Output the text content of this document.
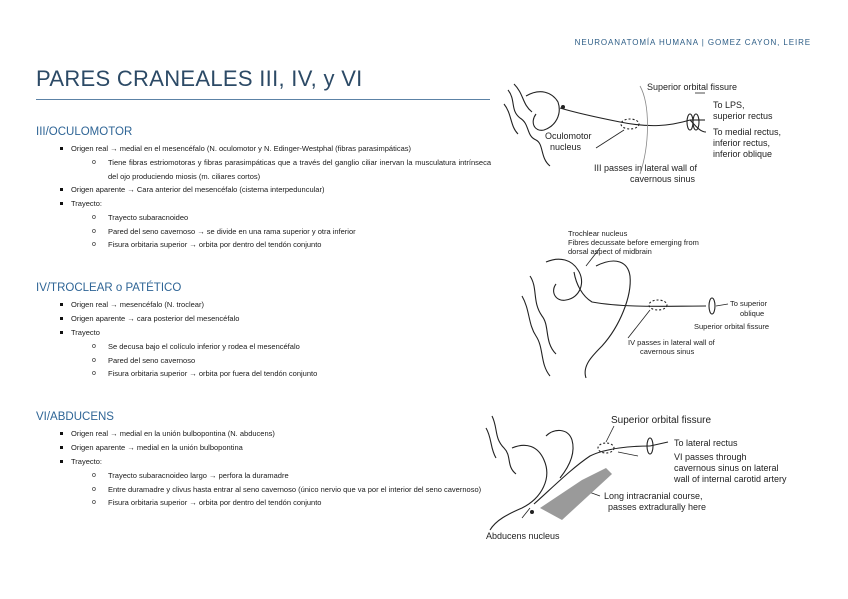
NEUROANATOMÍA HUMANA | GOMEZ CAYON, LEIRE
PARES CRANEALES III, IV, y VI
III/OCULOMOTOR
Origen real → medial en el mesencéfalo (N. oculomotor y N. Edinger-Westphal (fibras parasimpáticas)
o Tiene fibras estriomotoras y fibras parasimpáticas que a través del ganglio ciliar inervan la musculatura intrínseca del ojo produciendo miosis (m. ciliares cortos)
Origen aparente → Cara anterior del mesencéfalo (cisterna interpeduncular)
Trayecto:
o Trayecto subaracnoideo
o Pared del seno cavernoso → se divide en una rama superior y otra inferior
o Fisura orbitaria superior → orbita por dentro del tendón conjunto
IV/TROCLEAR o PATÉTICO
Origen real → mesencéfalo (N. troclear)
Origen aparente → cara posterior del mesencéfalo
Trayecto
o Se decusa bajo el colículo inferior y rodea el mesencéfalo
o Pared del seno cavernoso
o Fisura orbitaria superior → orbita por fuera del tendón conjunto
VI/ABDUCENS
Origen real → medial en la unión bulbopontina (N. abducens)
Origen aparente → medial en la unión bulbopontina
Trayecto:
o Trayecto subaracnoideo largo → perfora la duramadre
o Entre duramadre y clivus hasta entrar al seno cavernoso (único nervio que va por el interior del seno cavernoso)
o Fisura orbitaria superior → orbita por dentro del tendón conjunto
Superior orbital fissure
To LPS,
superior rectus
To medial rectus,
inferior rectus,
inferior oblique
Oculomotor
nucleus
III passes in lateral wall of
cavernous sinus
Trochlear nucleus
Fibres decussate before emerging from
dorsal aspect of midbrain
To superior
oblique
Superior orbital fissure
IV passes in lateral wall of
cavernous sinus
Superior orbital fissure
To lateral rectus
VI passes through
cavernous sinus on lateral
wall of internal carotid artery
Long intracranial course,
passes extradurally here
Abducens nucleus
